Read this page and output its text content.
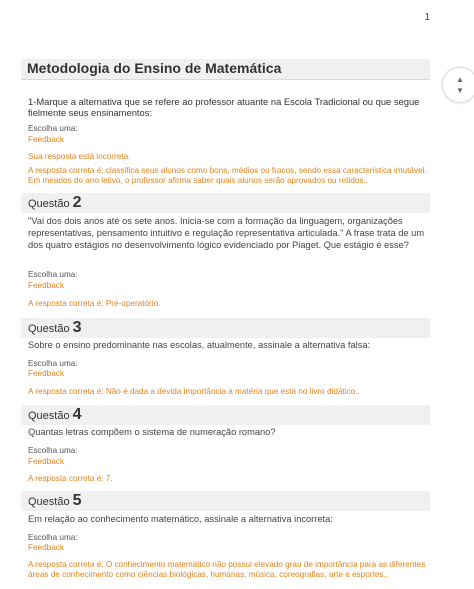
1
Metodologia do Ensino de Matemática
▲
▼
1-Marque a alternativa que se refere ao professor atuante na Escola Tradicional ou que segue fielmente seus ensinamentos:
Escolha uma:
Feedback
Sua resposta está incorreta.
A resposta correta é: classifica seus alunos como bons, médios ou fracos, sendo essa característica imutável. Em meados do ano letivo, o professor afirma saber quais alunos serão aprovados ou retidos..
Questão 2
"Vai dos dois anos até os sete anos. Inicia-se com a formação da linguagem, organizações representativas, pensamento intuitivo e regulação representativa articulada." A frase trata de um dos quatro estágios no desenvolvimento lógico evidenciado por Piaget. Que estágio é esse?
Escolha uma:
Feedback
A resposta correta é: Pré-operatório.
Questão 3
Sobre o ensino predominante nas escolas, atualmente, assinale a alternativa falsa:
Escolha uma:
Feedback
A resposta correta é: Não é dada a devida importância à matéria que está no livro didático..
Questão 4
Quantas letras compõem o sistema de numeração romano?
Escolha uma:
Feedback
A resposta correta é: 7.
Questão 5
Em relação ao conhecimento matemático, assinale a alternativa incorreta:
Escolha uma:
Feedback
A resposta correta é: O conhecimento matemático não possui elevado grau de importância para as diferentes áreas de conhecimento como ciências biológicas, humanas, música, coreografias, arte e esportes..
